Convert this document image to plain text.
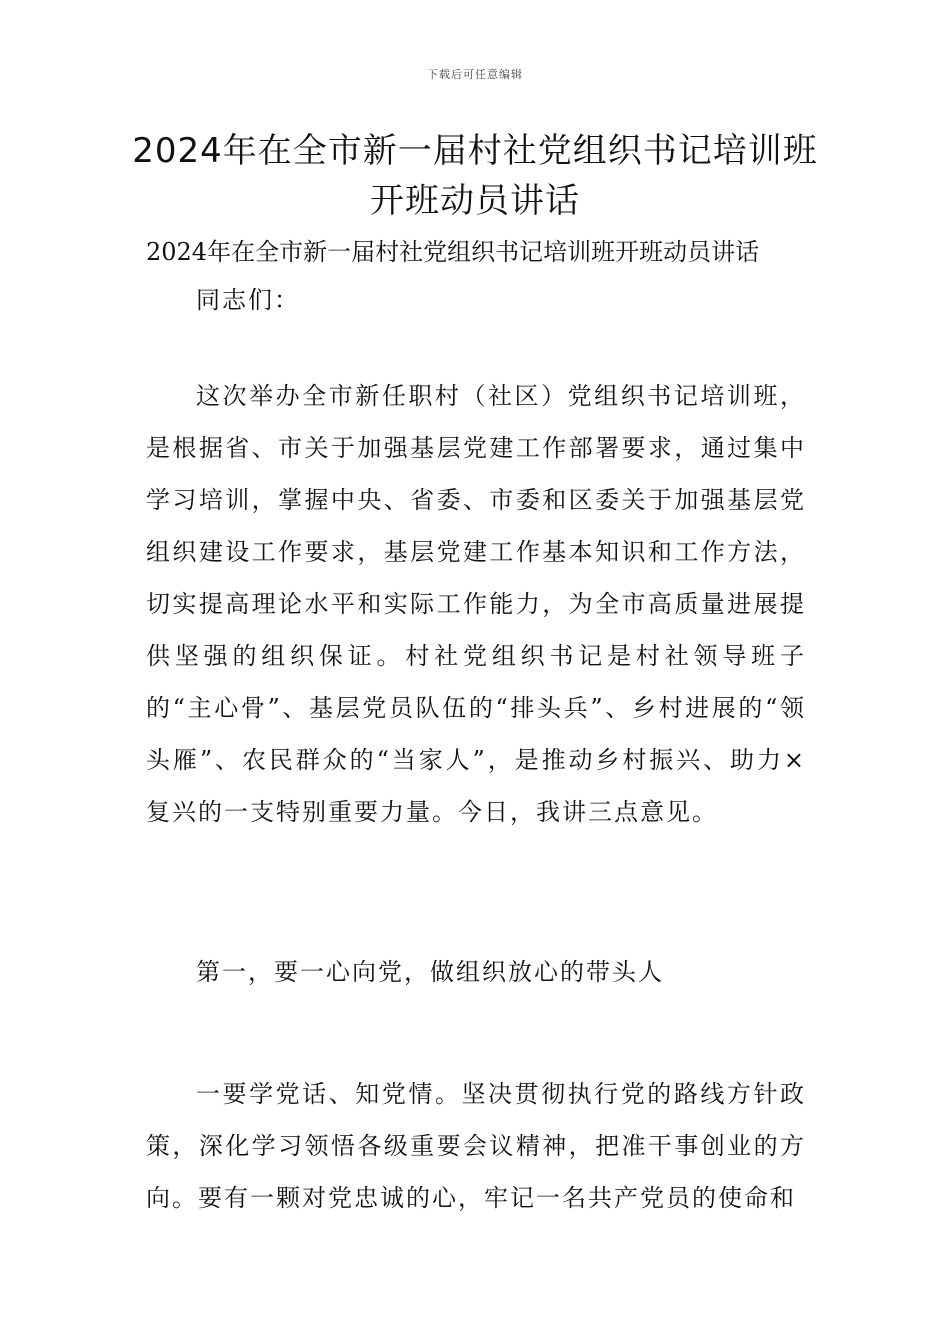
下载后可任意编辑
2024年在全市新一届村社党组织书记培训班开班动员讲话

2024年在全市新一届村社党组织书记培训班开班动员讲话

同志们：

这次举办全市新任职村（社区）党组织书记培训班，是根据省、市关于加强基层党建工作部署要求，通过集中学习培训，掌握中央、省委、市委和区委关于加强基层党组织建设工作要求，基层党建工作基本知识和工作方法，切实提高理论水平和实际工作能力，为全市高质量进展提供坚强的组织保证。村社党组织书记是村社领导班子的“主心骨”、基层党员队伍的“排头兵”、乡村进展的“领头雁”、农民群众的“当家人”，是推动乡村振兴、助力×复兴的一支特别重要力量。今日，我讲三点意见。

第一，要一心向党，做组织放心的带头人

一要学党话、知党情。坚决贯彻执行党的路线方针政策，深化学习领悟各级重要会议精神，把准干事创业的方向。要有一颗对党忠诚的心，牢记一名共产党员的使命和
